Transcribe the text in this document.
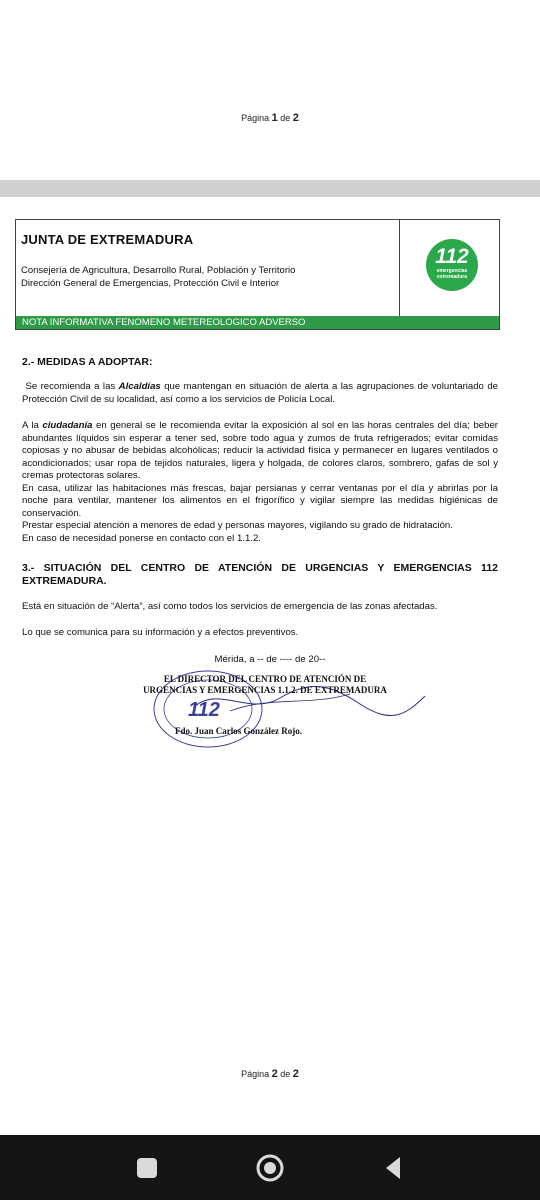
Página 1 de 2
JUNTA DE EXTREMADURA
Consejería de Agricultura, Desarrollo Rural, Población y Territorio
Dirección General de Emergencias, Protección Civil e Interior
112
emergencias
extremadura
NOTA INFORMATIVA FENOMENO METEREOLOGICO ADVERSO
2.- MEDIDAS A ADOPTAR:
Se recomienda a las Alcaldías que mantengan en situación de alerta a las agrupaciones de voluntariado de Protección Civil de su localidad, así como a los servicios de Policía Local.
A la ciudadanía en general se le recomienda evitar la exposición al sol en las horas centrales del día; beber abundantes líquidos sin esperar a tener sed, sobre todo agua y zumos de fruta refrigerados; evitar comidas copiosas y no abusar de bebidas alcohólicas; reducir la actividad física y permanecer en lugares ventilados o acondicionados; usar ropa de tejidos naturales, ligera y holgada, de colores claros, sombrero, gafas de sol y cremas protectoras solares.
En casa, utilizar las habitaciones más frescas, bajar persianas y cerrar ventanas por el día y abrirlas por la noche para ventilar, mantener los alimentos en el frigorífico y vigilar siempre las medidas higiénicas de conservación.
Prestar especial atención a menores de edad y personas mayores, vigilando su grado de hidratación.
En caso de necesidad ponerse en contacto con el 1.1.2.
3.- SITUACIÓN DEL CENTRO DE ATENCIÓN DE URGENCIAS Y EMERGENCIAS 112 EXTREMADURA.
Está en situación de “Alerta”, así como todos los servicios de emergencia de las zonas afectadas.
Lo que se comunica para su información y a efectos preventivos.
Mérida, a -- de ---- de 20--
112
EL DIRECTOR DEL CENTRO DE ATENCIÓN DE
URGENCIAS Y EMERGENCIAS 1.1.2. DE EXTREMADURA
Fdo. Juan Carlos González Rojo.
Página 2 de 2
